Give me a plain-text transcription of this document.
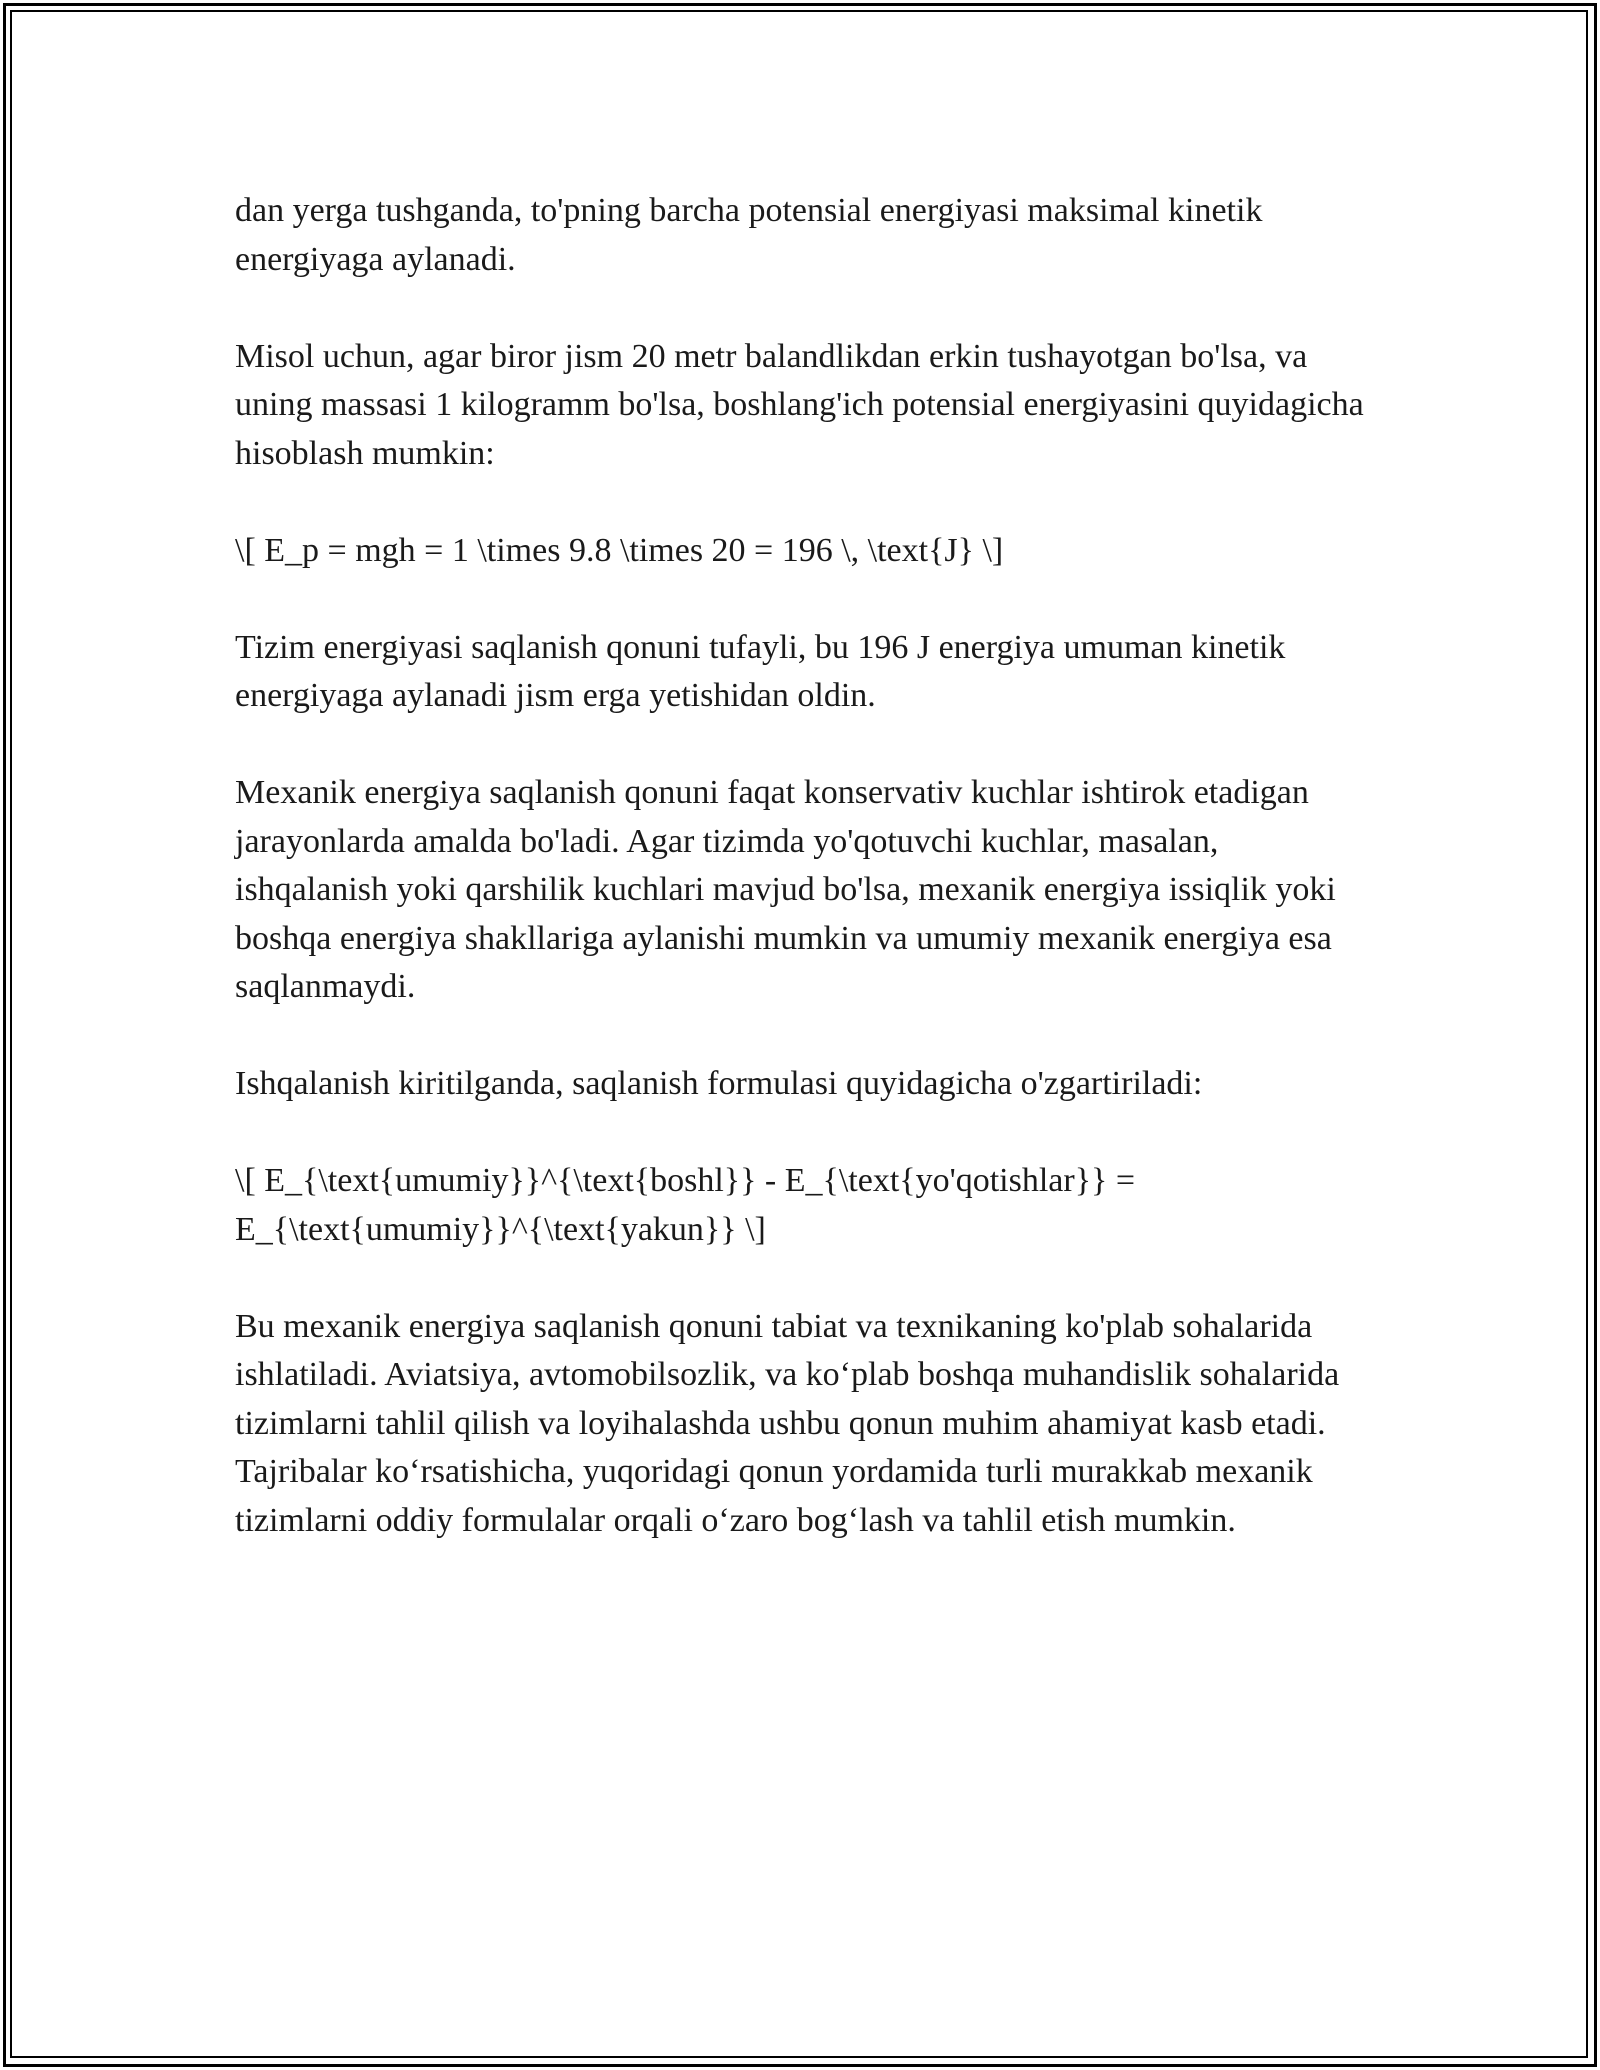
dan yerga tushganda, to'pning barcha potensial energiyasi maksimal kinetik energiyaga aylanadi.

Misol uchun, agar biror jism 20 metr balandlikdan erkin tushayotgan bo'lsa, va uning massasi 1 kilogramm bo'lsa, boshlang'ich potensial energiyasini quyidagicha hisoblash mumkin:

\[ E_p = mgh = 1 \times 9.8 \times 20 = 196 \, \text{J} \]

Tizim energiyasi saqlanish qonuni tufayli, bu 196 J energiya umuman kinetik energiyaga aylanadi jism erga yetishidan oldin.

Mexanik energiya saqlanish qonuni faqat konservativ kuchlar ishtirok etadigan jarayonlarda amalda bo'ladi. Agar tizimda yo'qotuvchi kuchlar, masalan, ishqalanish yoki qarshilik kuchlari mavjud bo'lsa, mexanik energiya issiqlik yoki boshqa energiya shakllariga aylanishi mumkin va umumiy mexanik energiya esa saqlanmaydi.

Ishqalanish kiritilganda, saqlanish formulasi quyidagicha o'zgartiriladi:

\[ E_{\text{umumiy}}^{\text{boshl}} - E_{\text{yo'qotishlar}} = E_{\text{umumiy}}^{\text{yakun}} \]

Bu mexanik energiya saqlanish qonuni tabiat va texnikaning ko'plab sohalarida ishlatiladi. Aviatsiya, avtomobilsozlik, va ko‘plab boshqa muhandislik sohalarida tizimlarni tahlil qilish va loyihalashda ushbu qonun muhim ahamiyat kasb etadi. Tajribalar ko‘rsatishicha, yuqoridagi qonun yordamida turli murakkab mexanik tizimlarni oddiy formulalar orqali o‘zaro bog‘lash va tahlil etish mumkin.
